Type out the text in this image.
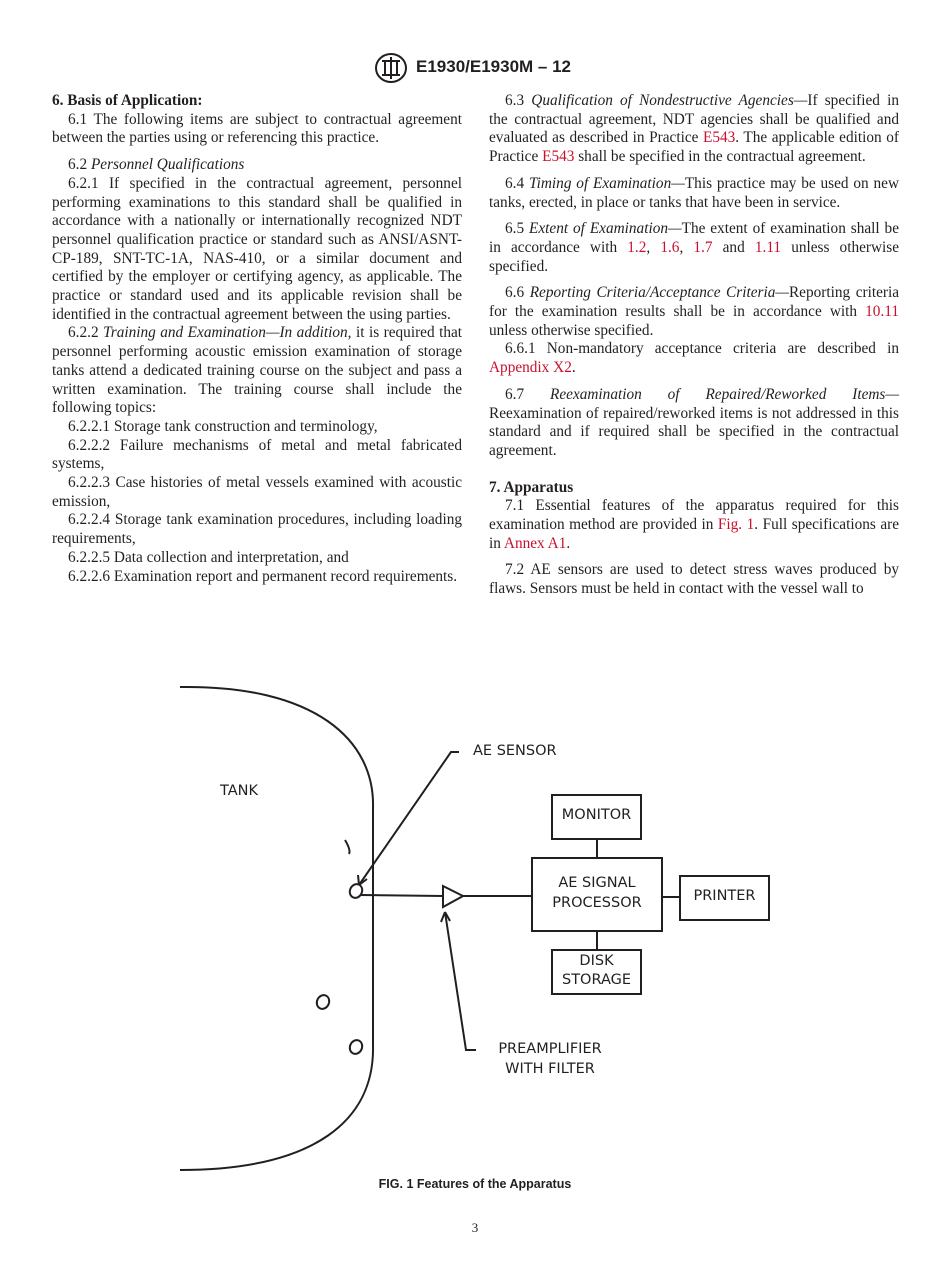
E1930/E1930M – 12

6. Basis of Application:

6.1 The following items are subject to contractual agreement between the parties using or referencing this practice.

6.2 Personnel Qualifications

6.2.1 If specified in the contractual agreement, personnel performing examinations to this standard shall be qualified in accordance with a nationally or internationally recognized NDT personnel qualification practice or standard such as ANSI/ASNT-CP-189, SNT-TC-1A, NAS-410, or a similar document and certified by the employer or certifying agency, as applicable. The practice or standard used and its applicable revision shall be identified in the contractual agreement between the using parties.

6.2.2 Training and Examination—In addition, it is required that personnel performing acoustic emission examination of storage tanks attend a dedicated training course on the subject and pass a written examination. The training course shall include the following topics:

6.2.2.1 Storage tank construction and terminology,

6.2.2.2 Failure mechanisms of metal and metal fabricated systems,

6.2.2.3 Case histories of metal vessels examined with acoustic emission,

6.2.2.4 Storage tank examination procedures, including loading requirements,

6.2.2.5 Data collection and interpretation, and

6.2.2.6 Examination report and permanent record requirements.

6.3 Qualification of Nondestructive Agencies—If specified in the contractual agreement, NDT agencies shall be qualified and evaluated as described in Practice E543. The applicable edition of Practice E543 shall be specified in the contractual agreement.

6.4 Timing of Examination—This practice may be used on new tanks, erected, in place or tanks that have been in service.

6.5 Extent of Examination—The extent of examination shall be in accordance with 1.2, 1.6, 1.7 and 1.11 unless otherwise specified.

6.6 Reporting Criteria/Acceptance Criteria—Reporting criteria for the examination results shall be in accordance with 10.11 unless otherwise specified.

6.6.1 Non-mandatory acceptance criteria are described in Appendix X2.

6.7 Reexamination of Repaired/Reworked Items— Reexamination of repaired/reworked items is not addressed in this standard and if required shall be specified in the contractual agreement.

7. Apparatus

7.1 Essential features of the apparatus required for this examination method are provided in Fig. 1. Full specifications are in Annex A1.

7.2 AE sensors are used to detect stress waves produced by flaws. Sensors must be held in contact with the vessel wall to

TANK
AE SENSOR
MONITOR
AE SIGNAL
PROCESSOR	PRINTER
DISK
STORAGE
PREAMPLIFIER
WITH FILTER
FIG. 1 Features of the Apparatus
3
